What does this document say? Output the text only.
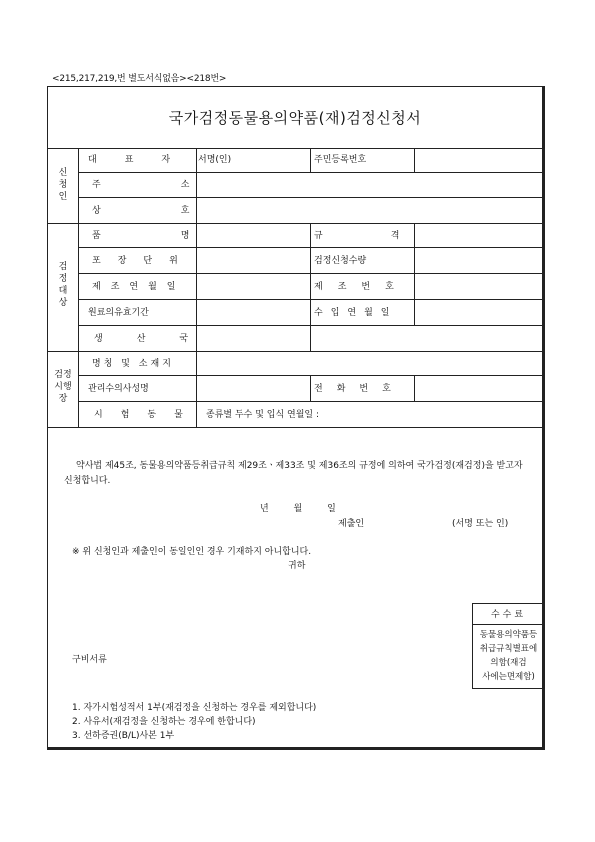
<215,217,219,번 별도서식없음><218번>
국가검정동물용의약품(재)검정신청서
신
청
인
대표자 서명(인)	주민등록번호
주소
상호
검
정
대
상
품명	규격
포장단위	검정신청수량
제조연월일	제조번호
원료의유효기간	수입연월일
생산국
검정
시행
장
명칭 및 소재지
관리수의사성명	전화번호
시험동물 종류별 두수 및 입식 연월일 :
약사법 제45조, 동물용의약품등취급규칙 제29조ㆍ제33조 및 제36조의 규정에 의하여 국가검정(재검정)을 받고자 신청합니다.
년 월 일
제출인	(서명 또는 인)
※ 위 신청인과 제출인이 동일인인 경우 기재하지 아니합니다.
귀하
수수료
동물용의약품등
취급규칙별표에
의함(재검
사에는면제함)
구비서류
1. 자가시험성적서 1부(재검정을 신청하는 경우를 제외합니다)
2. 사유서(재검정을 신청하는 경우에 한합니다)
3. 선하증권(B/L)사본 1부
